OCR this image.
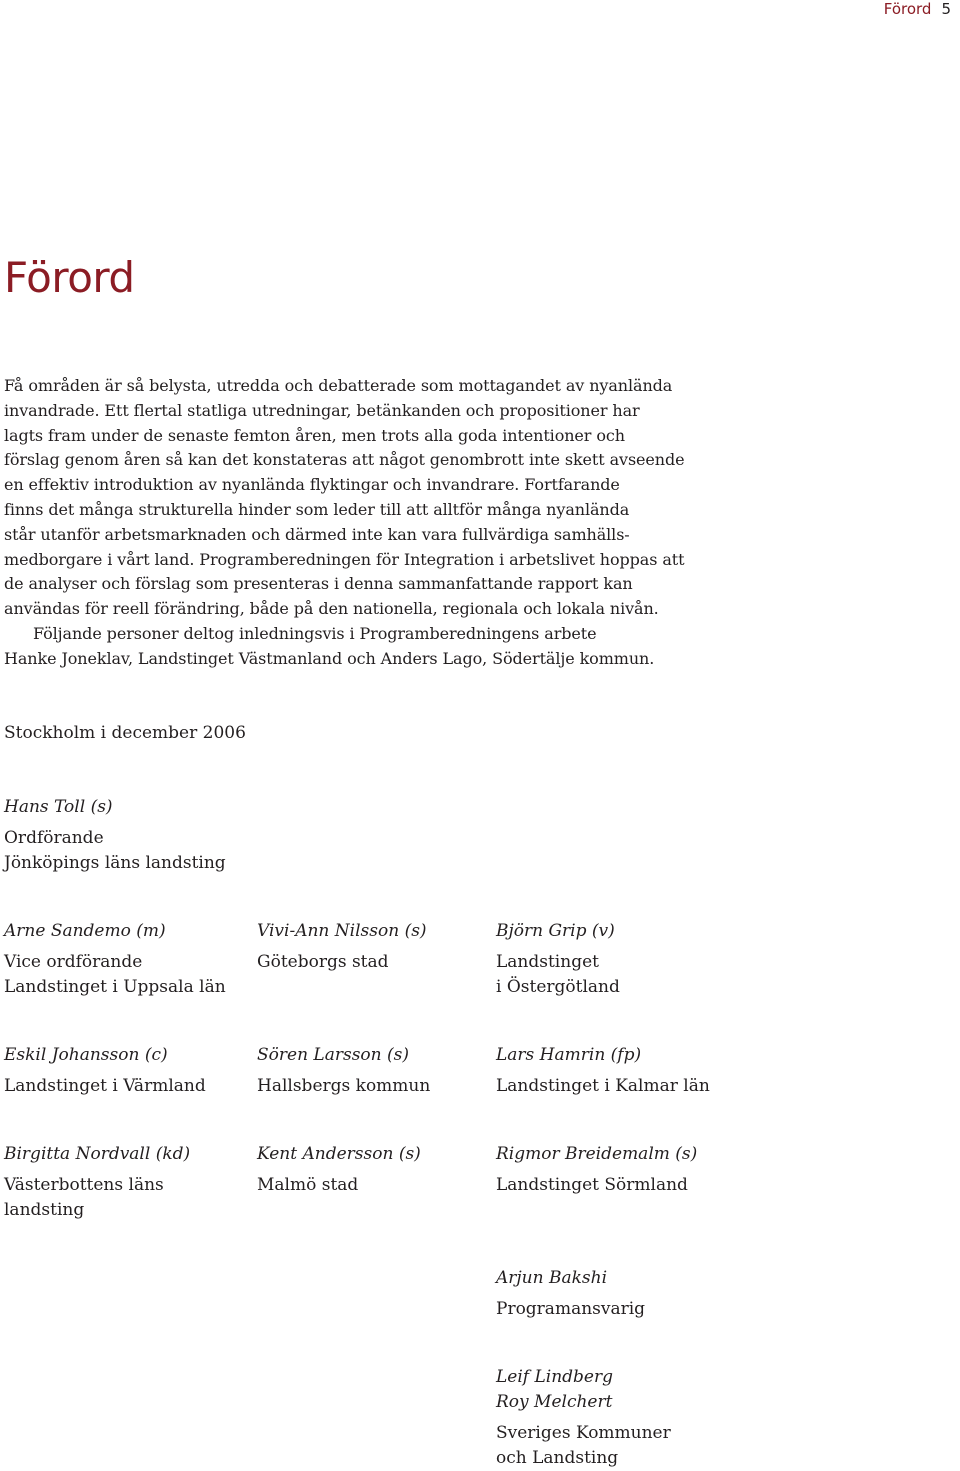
Förord 5
Förord
Få områden är så belysta, utredda och debatterade som mottagandet av nyanlända
invandrade. Ett flertal statliga utredningar, betänkanden och propositioner har
lagts fram under de senaste femton åren, men trots alla goda intentioner och
förslag genom åren så kan det konstateras att något genombrott inte skett avseende
en effektiv introduktion av nyanlända flyktingar och invandrare. Fortfarande
finns det många strukturella hinder som leder till att alltför många nyanlända
står utanför arbetsmarknaden och därmed inte kan vara fullvärdiga samhälls-
medborgare i vårt land. Programberedningen för Integration i arbetslivet hoppas att
de analyser och förslag som presenteras i denna sammanfattande rapport kan
användas för reell förändring, både på den nationella, regionala och lokala nivån.
Följande personer deltog inledningsvis i Programberedningens arbete
Hanke Joneklav, Landstinget Västmanland och Anders Lago, Södertälje kommun.
Stockholm i december 2006
Hans Toll (s)
Ordförande
Jönköpings läns landsting
Arne Sandemo (m)
Vice ordförande
Landstinget i Uppsala län
Vivi-Ann Nilsson (s)
Göteborgs stad
Björn Grip (v)
Landstinget
i Östergötland
Eskil Johansson (c)
Landstinget i Värmland
Sören Larsson (s)
Hallsbergs kommun
Lars Hamrin (fp)
Landstinget i Kalmar län
Birgitta Nordvall (kd)
Västerbottens läns
landsting
Kent Andersson (s)
Malmö stad
Rigmor Breidemalm (s)
Landstinget Sörmland
Arjun Bakshi
Programansvarig
Leif Lindberg
Roy Melchert
Sveriges Kommuner
och Landsting
